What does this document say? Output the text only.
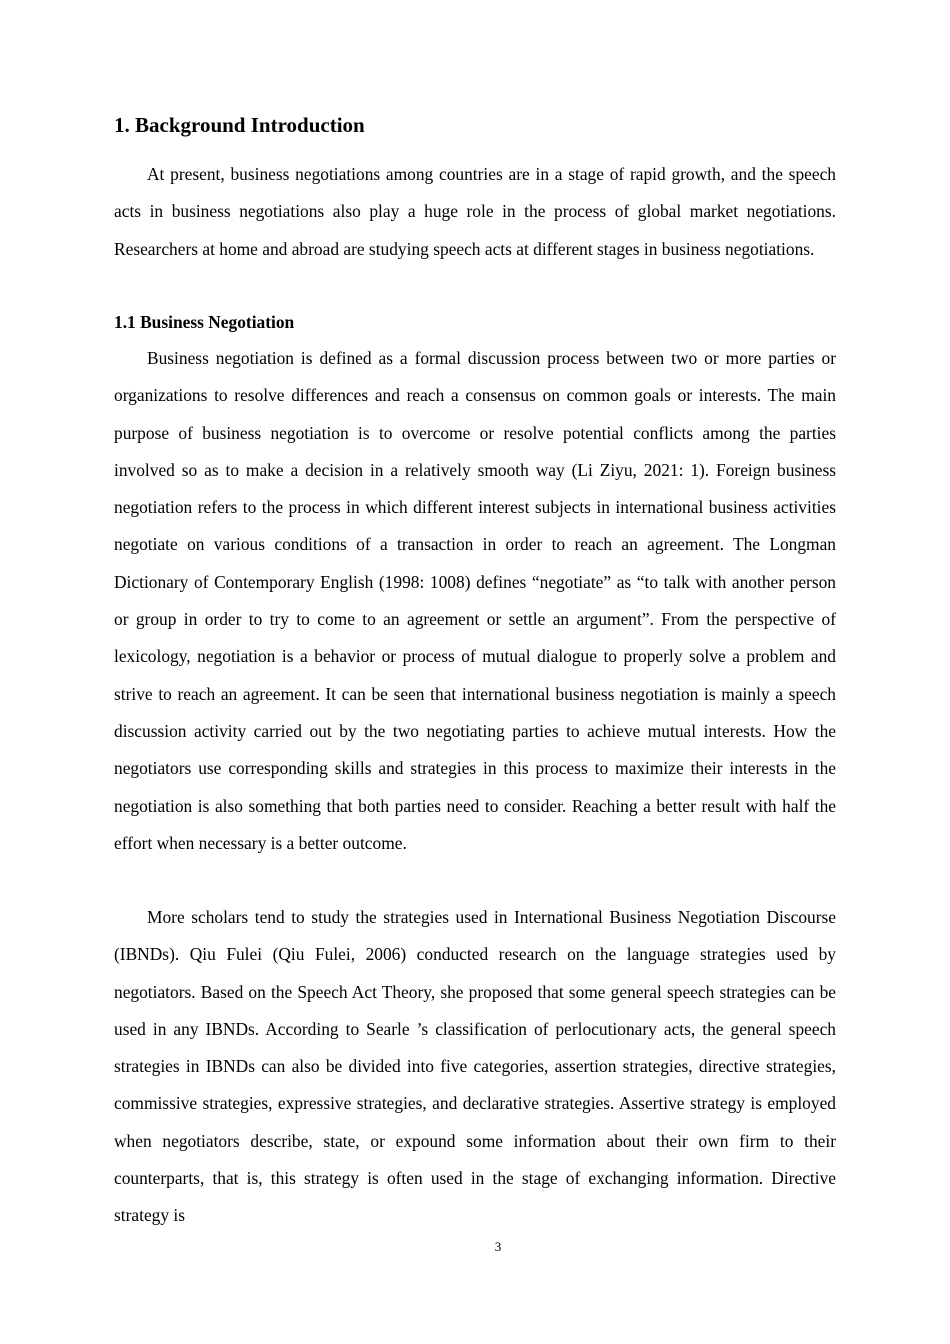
1. Background Introduction

At present, business negotiations among countries are in a stage of rapid growth, and the speech acts in business negotiations also play a huge role in the process of global market negotiations. Researchers at home and abroad are studying speech acts at different stages in business negotiations.

1.1 Business Negotiation

Business negotiation is defined as a formal discussion process between two or more parties or organizations to resolve differences and reach a consensus on common goals or interests. The main purpose of business negotiation is to overcome or resolve potential conflicts among the parties involved so as to make a decision in a relatively smooth way (Li Ziyu, 2021: 1). Foreign business negotiation refers to the process in which different interest subjects in international business activities negotiate on various conditions of a transaction in order to reach an agreement. The Longman Dictionary of Contemporary English (1998: 1008) defines “negotiate” as “to talk with another person or group in order to try to come to an agreement or settle an argument”. From the perspective of lexicology, negotiation is a behavior or process of mutual dialogue to properly solve a problem and strive to reach an agreement. It can be seen that international business negotiation is mainly a speech discussion activity carried out by the two negotiating parties to achieve mutual interests. How the negotiators use corresponding skills and strategies in this process to maximize their interests in the negotiation is also something that both parties need to consider. Reaching a better result with half the effort when necessary is a better outcome.

More scholars tend to study the strategies used in International Business Negotiation Discourse (IBNDs). Qiu Fulei (Qiu Fulei, 2006) conducted research on the language strategies used by negotiators. Based on the Speech Act Theory, she proposed that some general speech strategies can be used in any IBNDs. According to Searle ’s classification of perlocutionary acts, the general speech strategies in IBNDs can also be divided into five categories, assertion strategies, directive strategies, commissive strategies, expressive strategies, and declarative strategies. Assertive strategy is employed when negotiators describe, state, or expound some information about their own firm to their counterparts, that is, this strategy is often used in the stage of exchanging information. Directive strategy is

3
